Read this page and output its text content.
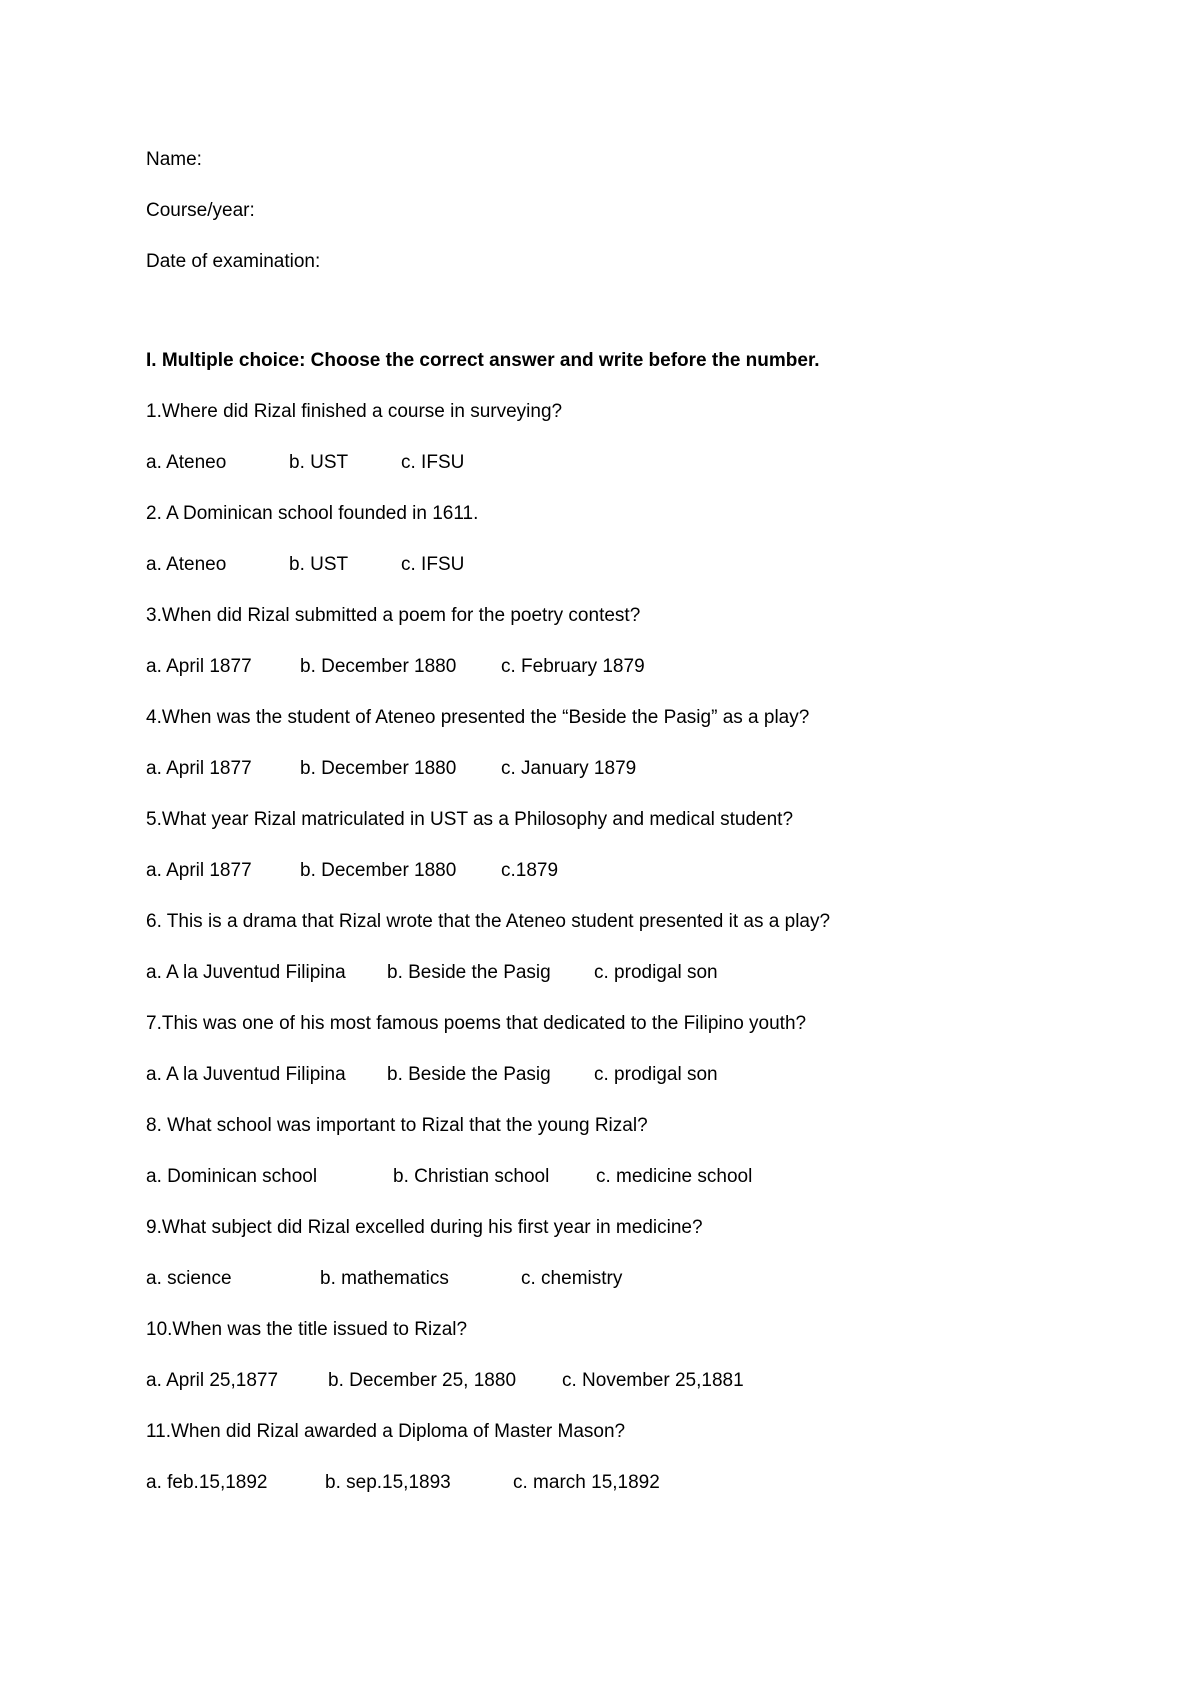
Name:
Course/year:
Date of examination:
I. Multiple choice: Choose the correct answer and write before the number.
1.Where did Rizal finished a course in surveying?
a. Ateneo	b. UST	c. IFSU
2. A Dominican school founded in 1611.
a. Ateneo	b. UST	c. IFSU
3.When did Rizal submitted a poem for the poetry contest?
a. April 1877	b. December 1880 c. February 1879
4.When was the student of Ateneo presented the “Beside the Pasig” as a play?
a. April 1877	b. December 1880 c. January 1879
5.What year Rizal matriculated in UST as a Philosophy and medical student?
a. April 1877	b. December 1880 c.1879
6. This is a drama that Rizal wrote that the Ateneo student presented it as a play?
a. A la Juventud Filipina b. Beside the Pasig c. prodigal son
7.This was one of his most famous poems that dedicated to the Filipino youth?
a. A la Juventud Filipina b. Beside the Pasig c. prodigal son
8. What school was important to Rizal that the young Rizal?
a. Dominican school	b. Christian school c. medicine school
9.What subject did Rizal excelled during his first year in medicine?
a. science	b. mathematics	c. chemistry
10.When was the title issued to Rizal?
a. April 25,1877	b. December 25, 1880 c. November 25,1881
11.When did Rizal awarded a Diploma of Master Mason?
a. feb.15,1892	b. sep.15,1893	c. march 15,1892
